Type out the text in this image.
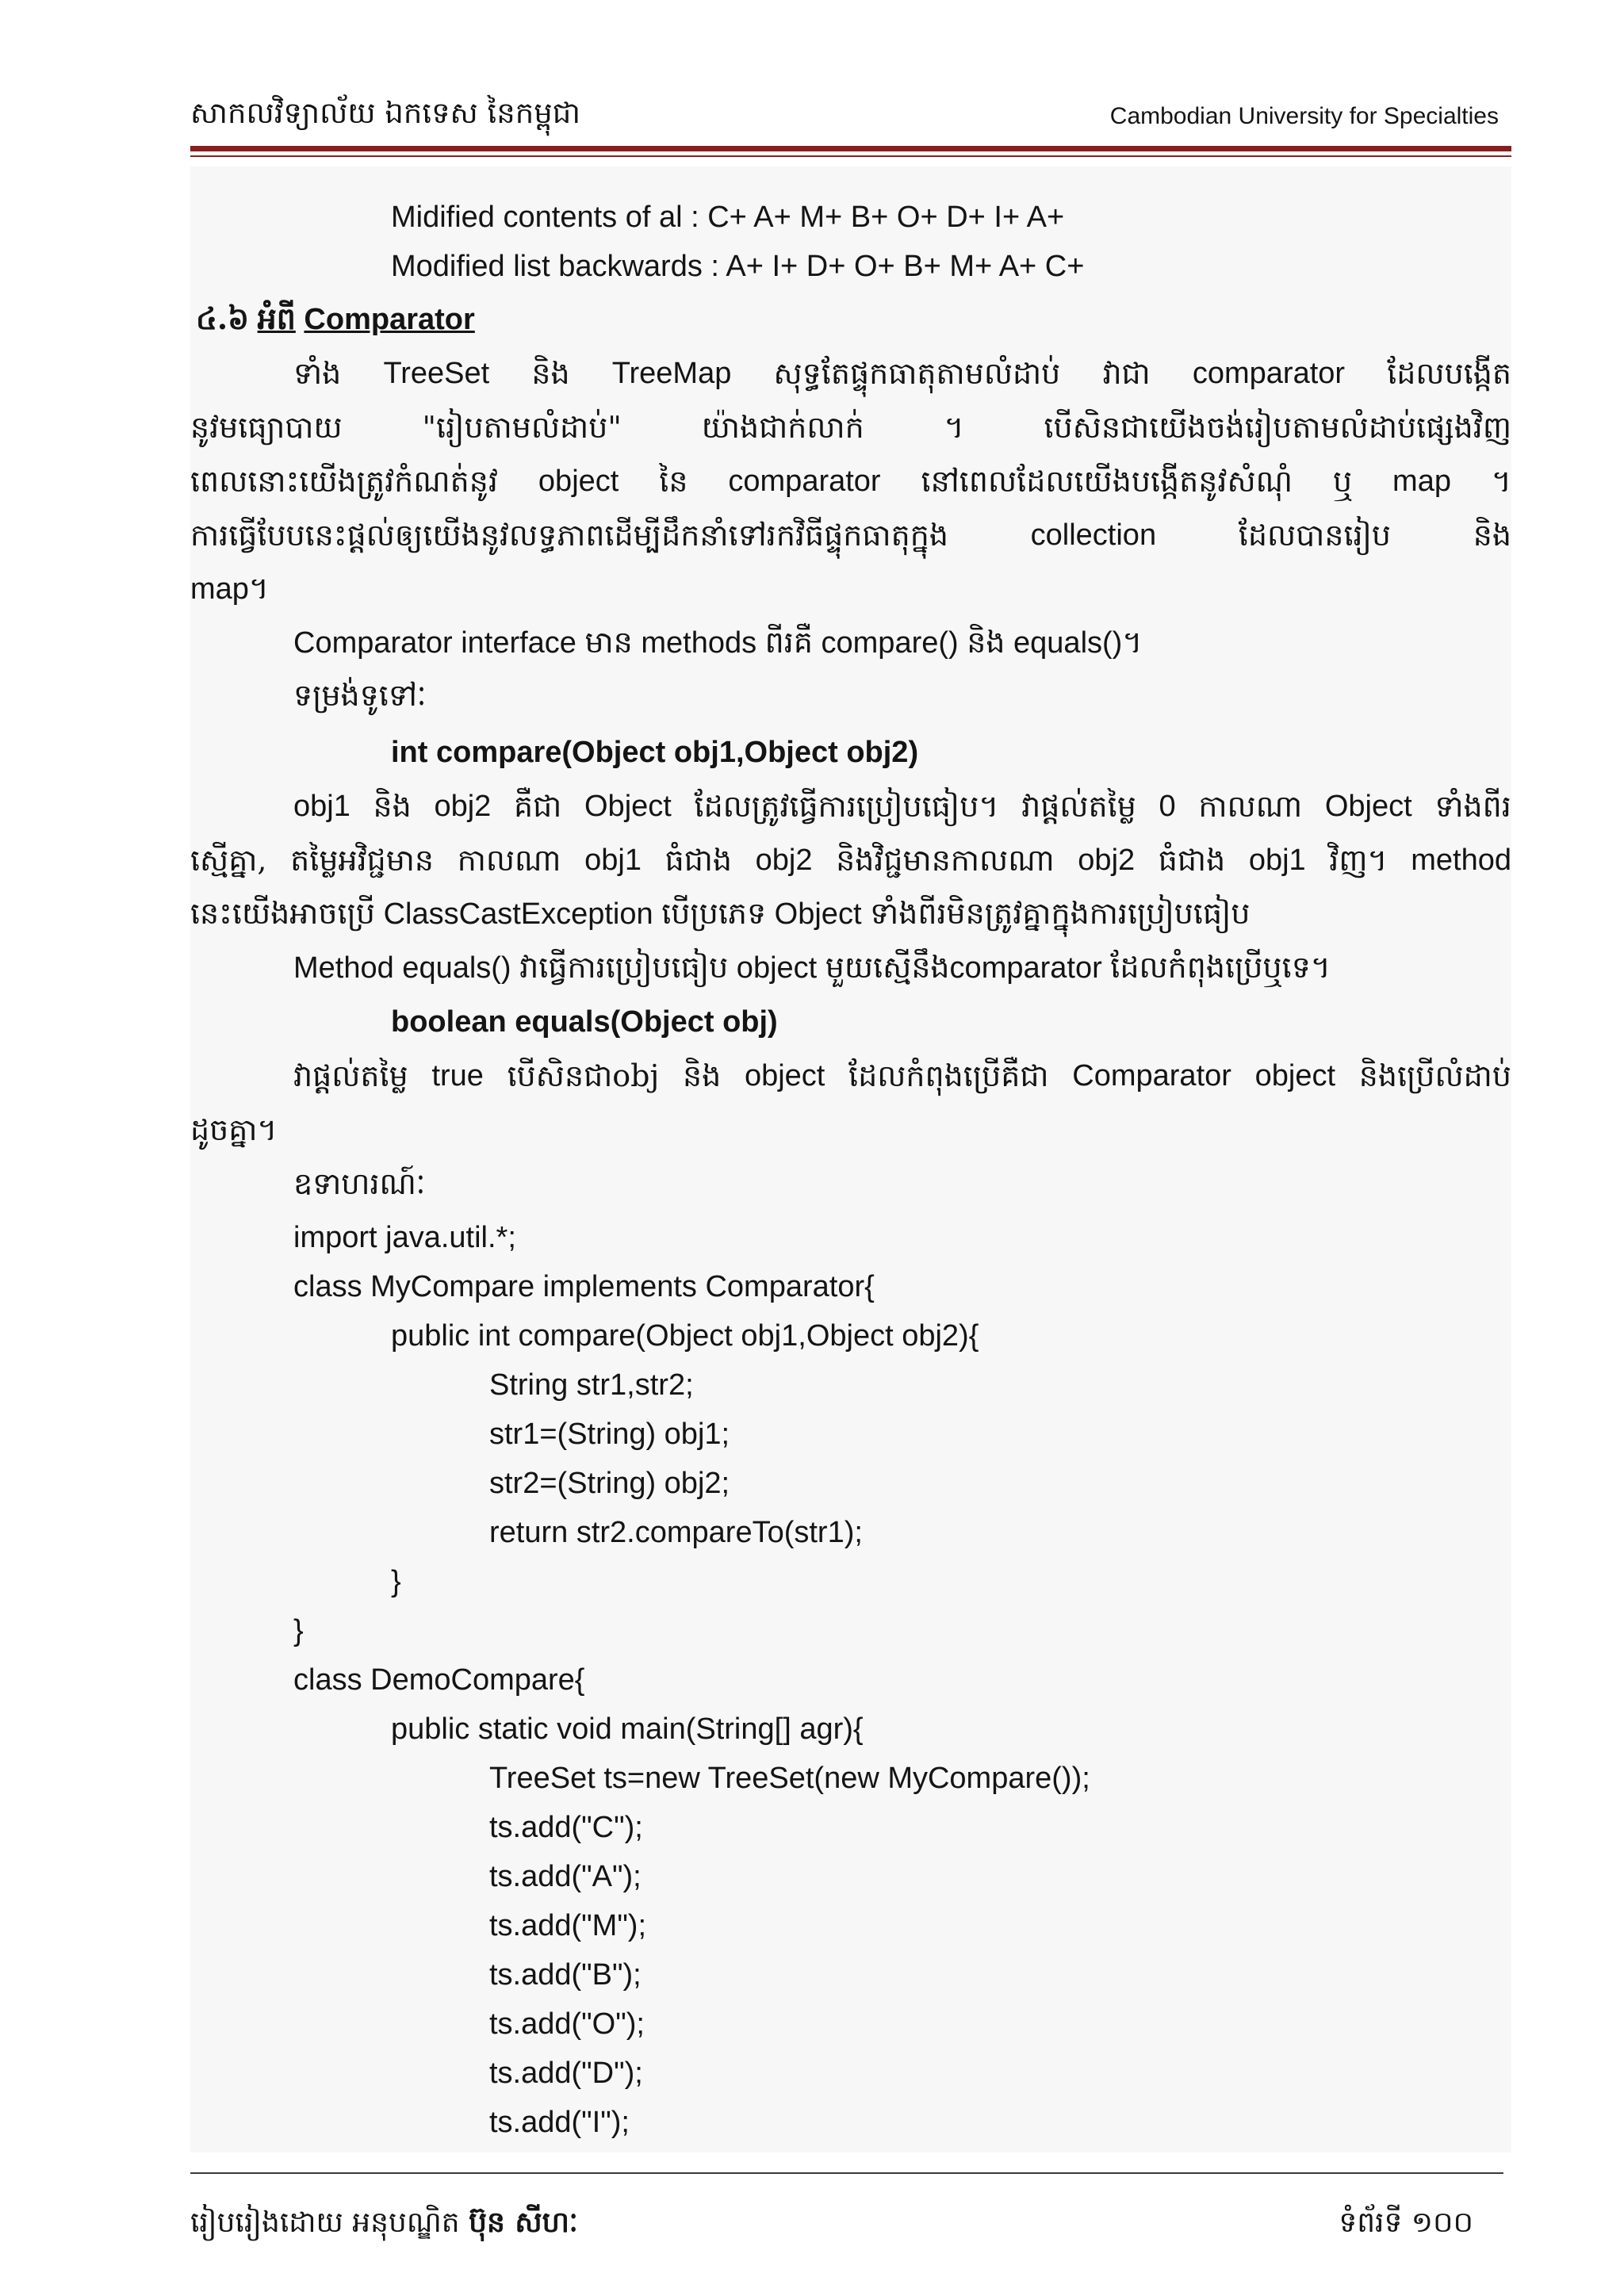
សាកលវិទ្យាល័យ ឯកទេស នៃកម្ពុជា	Cambodian University for Specialties
Midified contents of al : C+ A+ M+ B+ O+ D+ I+ A+
Modified list backwards : A+ I+ D+ O+ B+ M+ A+ C+
៤.៦ អំពី Comparator
ទាំង TreeSet និង TreeMap សុទ្ធតែផ្ទុកធាតុតាមលំដាប់ វាជា comparator ដែលបង្កើត
នូវមធ្យោបាយ	"រៀបតាមលំដាប់"	យ៉ាងជាក់លាក់	។	បើសិនជាយើងចង់រៀបតាមលំដាប់ផ្សេងវិញ
ពេលនោះយើងត្រូវកំណត់នូវ object នៃ comparator នៅពេលដែលយើងបង្កើតនូវសំណុំ ឬ map ។
ការធ្វើបែបនេះផ្តល់ឲ្យយើងនូវលទ្ធភាពដើម្បីដឹកនាំទៅរកវិធីផ្ទុកធាតុក្នុង	collection	ដែលបានរៀប	និង
map។
Comparator interface មាន methods ពីរគឺ compare() និង equals()។
ទម្រង់ទូទៅៈ
int compare(Object obj1,Object obj2)
obj1 និង obj2 គឺជា Object ដែលត្រូវធ្វើការប្រៀបធៀប។ វាផ្តល់តម្លៃ 0 កាលណា Object ទាំងពីរ
ស្មើគ្នា, តម្លៃអវិជ្ជមាន កាលណា obj1 ធំជាង obj2 និងវិជ្ជមានកាលណា obj2 ធំជាង obj1 វិញ។ method
នេះយើងអាចប្រើ ClassCastException បើប្រភេទ Object ទាំងពីរមិនត្រូវគ្នាក្នុងការប្រៀបធៀប
Method equals() វាធ្វើការប្រៀបធៀប object មួយស្មើនឹងcomparator ដែលកំពុងប្រើឬទេ។
boolean equals(Object obj)
វាផ្តល់តម្លៃ true បើសិនជាobj និង object ដែលកំពុងប្រើគឺជា Comparator object និងប្រើលំដាប់
ដូចគ្នា។
ឧទាហរណ៍ៈ
import java.util.*;
class MyCompare implements Comparator{
public int compare(Object obj1,Object obj2){
String str1,str2;
str1=(String) obj1;
str2=(String) obj2;
return str2.compareTo(str1);
}
}
class DemoCompare{
public static void main(String[] agr){
TreeSet ts=new TreeSet(new MyCompare());
ts.add("C");
ts.add("A");
ts.add("M");
ts.add("B");
ts.add("O");
ts.add("D");
ts.add("I");
រៀបរៀងដោយ អនុបណ្ឌិត ប៊ុន សីហៈ	ទំព័រទី ១០០
